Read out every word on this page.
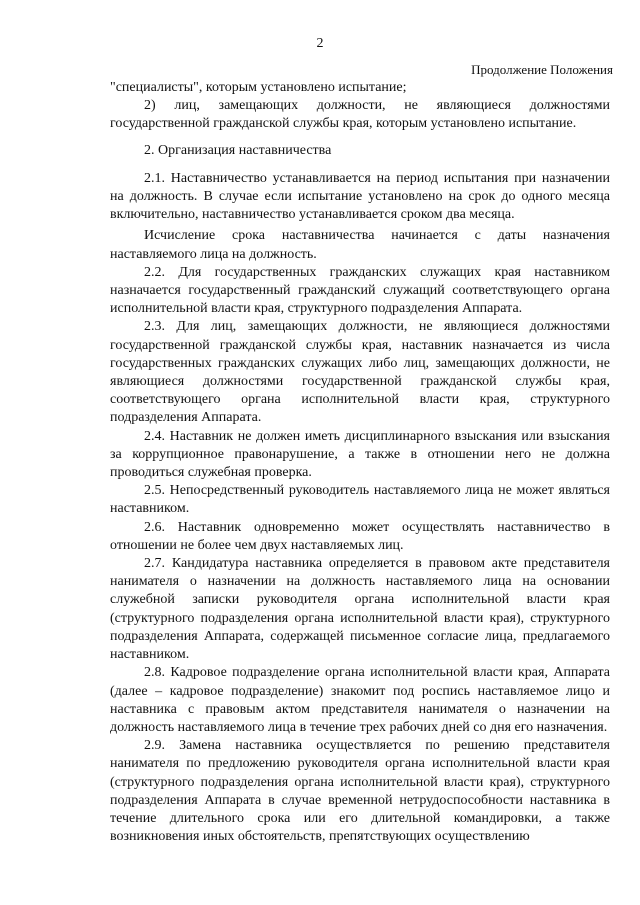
2
Продолжение Положения

"специалисты", которым установлено испытание;

2) лиц, замещающих должности, не являющиеся должностями государственной гражданской службы края, которым установлено испытание.

2. Организация наставничества

2.1. Наставничество устанавливается на период испытания при назначении на должность. В случае если испытание установлено на срок до одного месяца включительно, наставничество устанавливается сроком два месяца.

Исчисление срока наставничества начинается с даты назначения наставляемого лица на должность.

2.2. Для государственных гражданских служащих края наставником назначается государственный гражданский служащий соответствующего органа исполнительной власти края, структурного подразделения Аппарата.

2.3. Для лиц, замещающих должности, не являющиеся должностями государственной гражданской службы края, наставник назначается из числа государственных гражданских служащих либо лиц, замещающих должности, не являющиеся должностями государственной гражданской службы края, соответствующего органа исполнительной власти края, структурного подразделения Аппарата.

2.4. Наставник не должен иметь дисциплинарного взыскания или взыскания за коррупционное правонарушение, а также в отношении него не должна проводиться служебная проверка.

2.5. Непосредственный руководитель наставляемого лица не может являться наставником.

2.6. Наставник одновременно может осуществлять наставничество в отношении не более чем двух наставляемых лиц.

2.7. Кандидатура наставника определяется в правовом акте представителя нанимателя о назначении на должность наставляемого лица на основании служебной записки руководителя органа исполнительной власти края (структурного подразделения органа исполнительной власти края), структурного подразделения Аппарата, содержащей письменное согласие лица, предлагаемого наставником.

2.8. Кадровое подразделение органа исполнительной власти края, Аппарата (далее – кадровое подразделение) знакомит под роспись наставляемое лицо и наставника с правовым актом представителя нанимателя о назначении на должность наставляемого лица в течение трех рабочих дней со дня его назначения.

2.9. Замена наставника осуществляется по решению представителя нанимателя по предложению руководителя органа исполнительной власти края (структурного подразделения органа исполнительной власти края), структурного подразделения Аппарата в случае временной нетрудоспособности наставника в течение длительного срока или его длительной командировки, а также возникновения иных обстоятельств, препятствующих осуществлению
